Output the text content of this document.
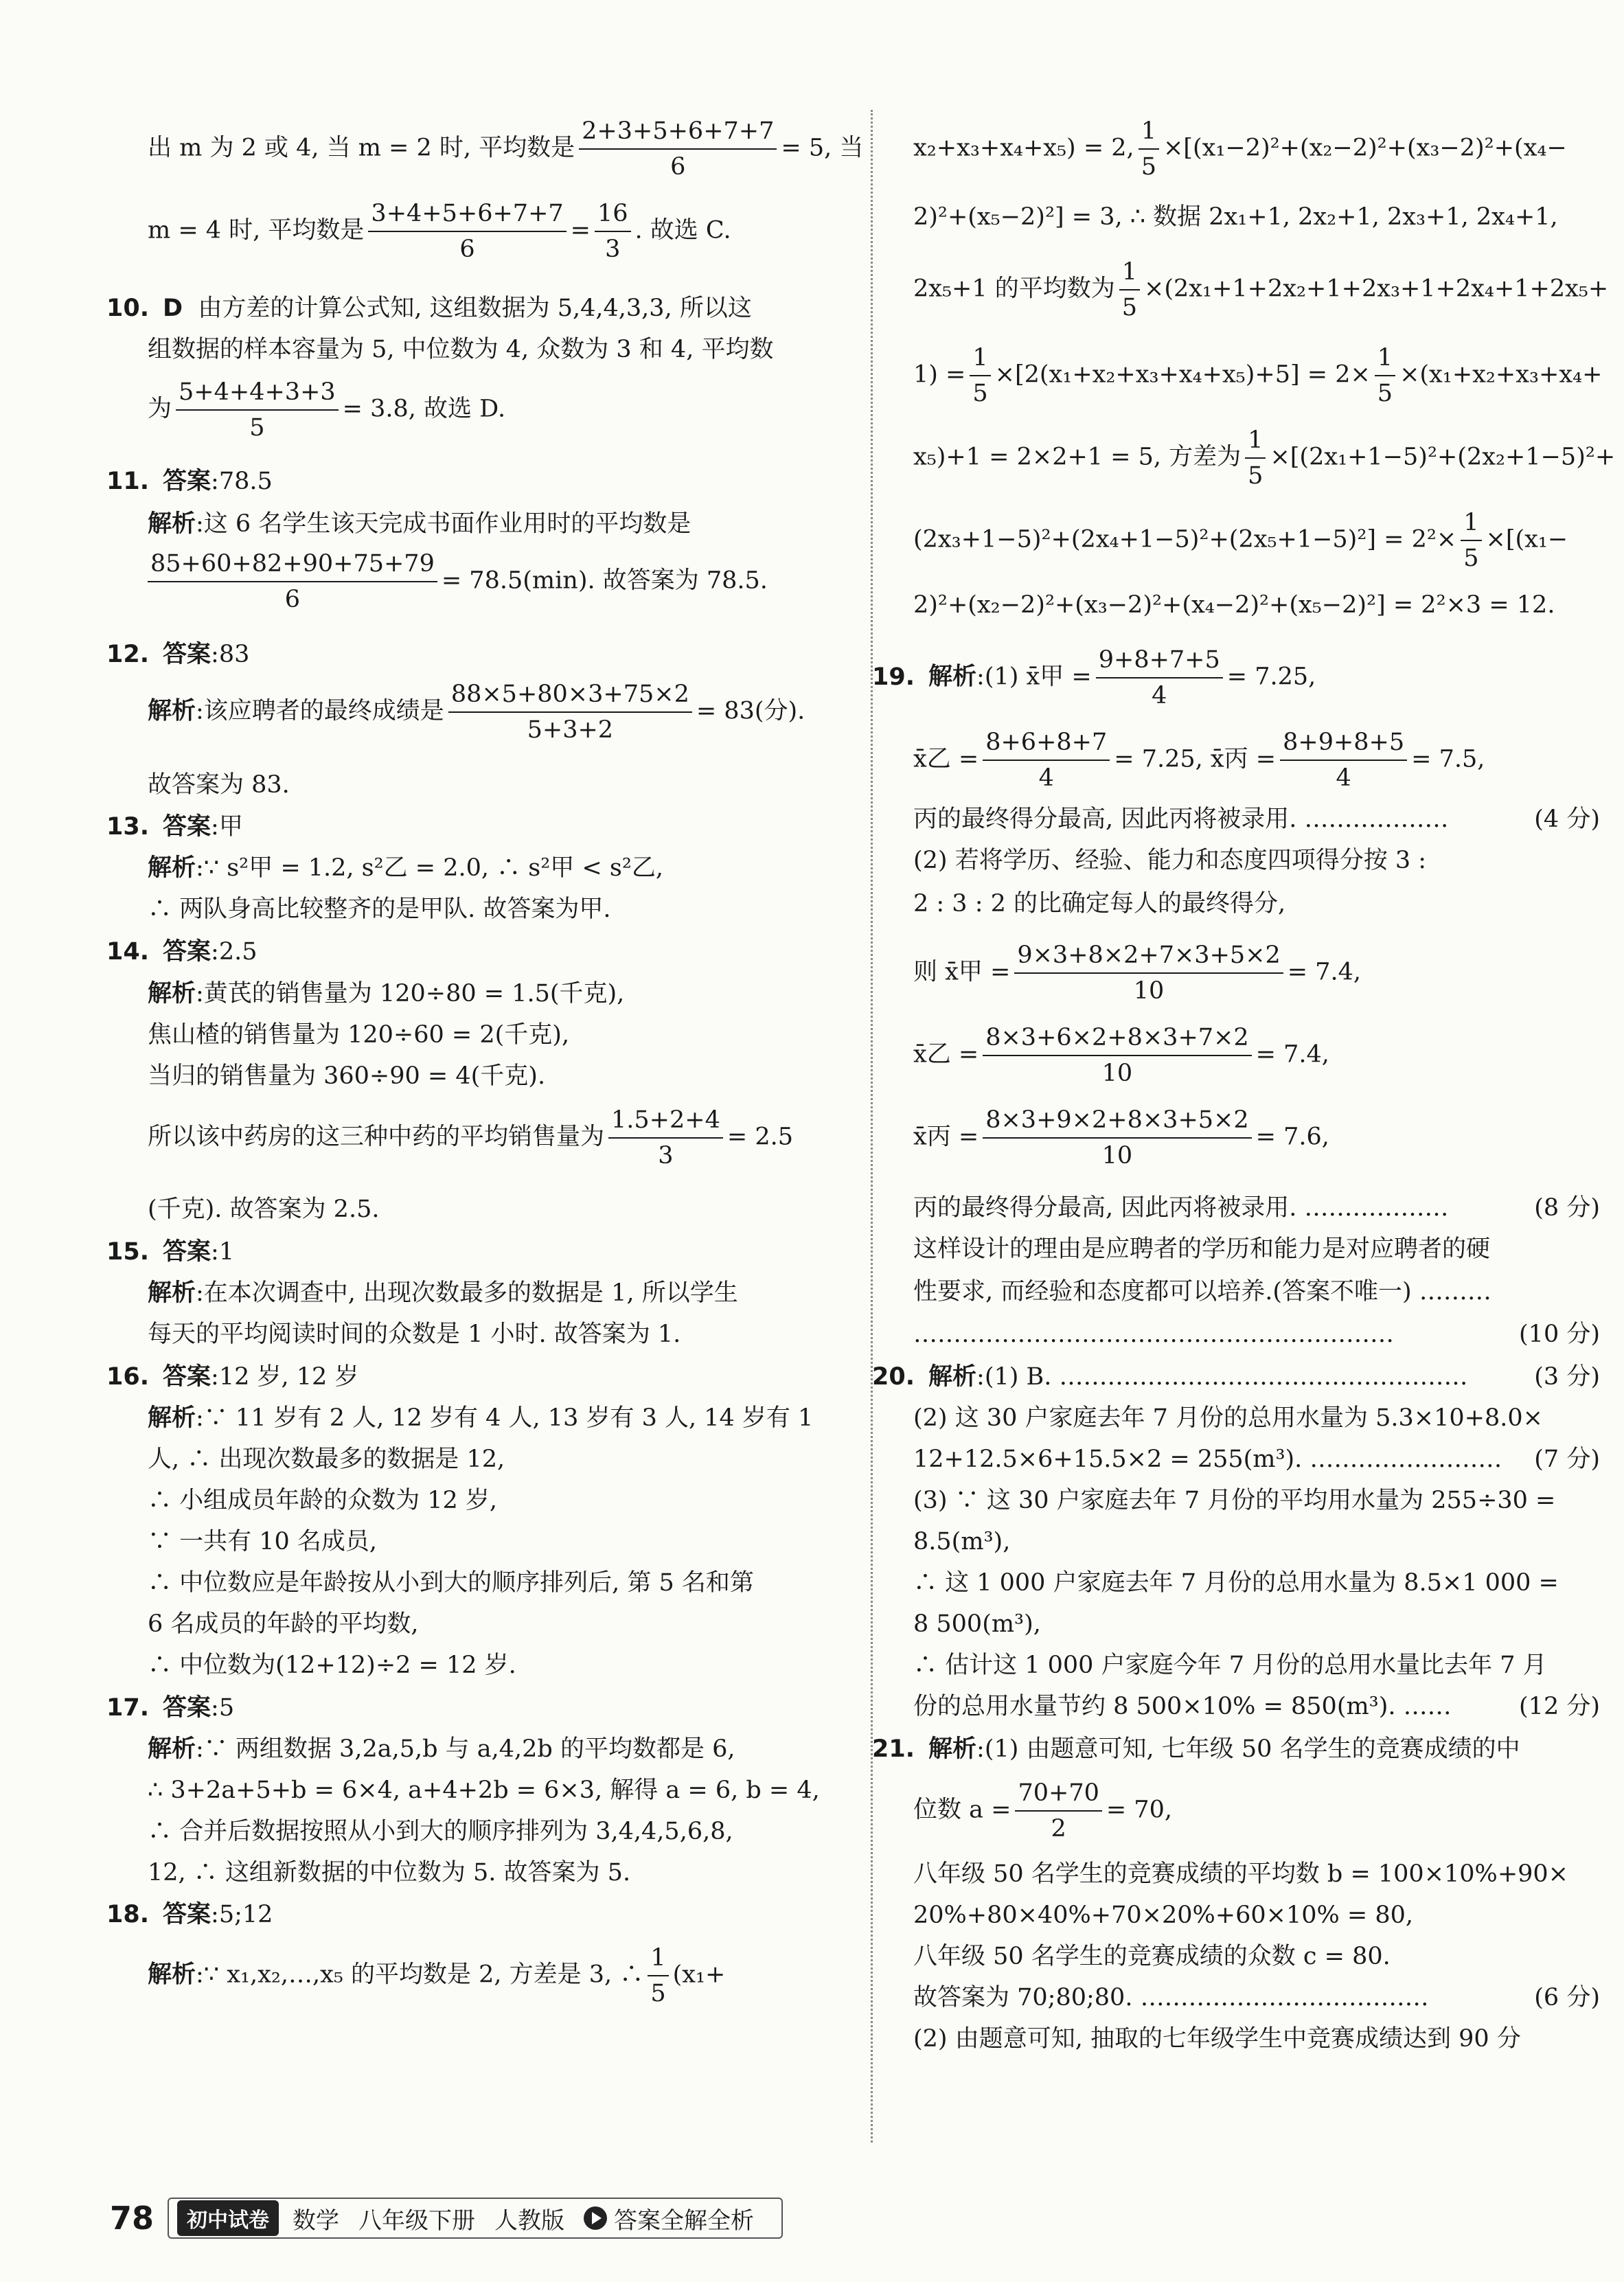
出 m 为 2 或 4, 当 m = 2 时, 平均数是 $\frac{2+3+5+6+7+7}{6} = 5$, 当
m = 4 时, 平均数是 $\frac{3+4+5+6+7+7}{6} = \frac{16}{3}$ . 故选 C.
10. D 由方差的计算公式知, 这组数据为 5,4,4,3,3, 所以这
组数据的样本容量为 5, 中位数为 4, 众数为 3 和 4, 平均数
为 $\frac{5+4+4+3+3}{5} = 3.8$, 故选 D.
11. 答案:78.5
解析:这 6 名学生该天完成书面作业用时的平均数是
$\frac{85+60+82+90+75+79}{6} = 78.5(\min)$. 故答案为 78.5.
12. 答案:83
解析:该应聘者的最终成绩是 $\frac{88\times 5+80\times 3+75\times 2}{5+3+2} = 83$(分).
故答案为 83.
13. 答案:甲
解析:∵ s²甲 = 1.2, s²乙 = 2.0, ∴ s²甲 < s²乙,
∴ 两队身高比较整齐的是甲队. 故答案为甲.
14. 答案:2.5
解析:黄芪的销售量为 120÷80 = 1.5(千克),
焦山楂的销售量为 120÷60 = 2(千克),
当归的销售量为 360÷90 = 4(千克).
所以该中药房的这三种中药的平均销售量为 $\frac{1.5+2+4}{3} = 2.5$
(千克). 故答案为 2.5.
15. 答案:1
解析:在本次调查中, 出现次数最多的数据是 1, 所以学生
每天的平均阅读时间的众数是 1 小时. 故答案为 1.
16. 答案:12 岁, 12 岁
解析:∵ 11 岁有 2 人, 12 岁有 4 人, 13 岁有 3 人, 14 岁有 1
人, ∴ 出现次数最多的数据是 12,
∴ 小组成员年龄的众数为 12 岁,
∵ 一共有 10 名成员,
∴ 中位数应是年龄按从小到大的顺序排列后, 第 5 名和第
6 名成员的年龄的平均数,
∴ 中位数为(12+12)÷2 = 12 岁.
17. 答案:5
解析:∵ 两组数据 3,2a,5,b 与 a,4,2b 的平均数都是 6,
∴ 3+2a+5+b = 6×4, a+4+2b = 6×3, 解得 a = 6, b = 4,
∴ 合并后数据按照从小到大的顺序排列为 3,4,4,5,6,8,
12, ∴ 这组新数据的中位数为 5. 故答案为 5.
18. 答案:5;12
解析:∵ x₁,x₂,…,x₅ 的平均数是 2, 方差是 3, ∴ $\frac{1}{5} (x_1+$
x₂+x₃+x₄+x₅) = 2, $\frac{1}{5} \times[(x_1-2)^2+(x_2-2)^2+(x_3-2)^2+(x_4-$
2)²+(x₅−2)²] = 3, ∴ 数据 2x₁+1, 2x₂+1, 2x₃+1, 2x₄+1,
2x₅+1 的平均数为 $\frac{1}{5} \times(2x_1+1+2x_2+1+2x_3+1+2x_4+1+2x_5+$
$1) = \frac{1}{5} \times[2(x_1+x_2+x_3+x_4+x_5)+5] = 2\times \frac{1}{5} \times(x_1+x_2+x_3+x_4+$
x₅)+1 = 2×2+1 = 5, 方差为 $\frac{1}{5} \times[(2x_1+1-5)^2+(2x_2+1-5)^2+$
$(2x_3+1-5)^2+(2x_4+1-5)^2+(2x_5+1-5)^2] = 2^2\times \frac{1}{5} \times[(x_1-$
2)²+(x₂−2)²+(x₃−2)²+(x₄−2)²+(x₅−2)²] = 2²×3 = 12.
19. 解析:(1) x̄甲 = $\frac{9+8+7+5}{4} = 7.25$,
x̄乙 = $\frac{8+6+8+7}{4} = 7.25$, x̄丙 = $\frac{8+9+8+5}{4} = 7.5$,
丙的最终得分最高, 因此丙将被录用. ………………	(4 分)
(2) 若将学历、经验、能力和态度四项得分按 3 :
2 : 3 : 2 的比确定每人的最终得分,
则 x̄甲 = $\frac{9\times 3+8\times 2+7\times 3+5\times 2}{10} = 7.4$,
x̄乙 = $\frac{8\times 3+6\times 2+8\times 3+7\times 2}{10} = 7.4$,
x̄丙 = $\frac{8\times 3+9\times 2+8\times 3+5\times 2}{10} = 7.6$,
丙的最终得分最高, 因此丙将被录用. ………………	(8 分)
这样设计的理由是应聘者的学历和能力是对应聘者的硬
性要求, 而经验和态度都可以培养.(答案不唯一) ………
……………………………………………………	(10 分)
20. 解析:(1) B. ……………………………………………	(3 分)
(2) 这 30 户家庭去年 7 月份的总用水量为 5.3×10+8.0×
12+12.5×6+15.5×2 = 255(m³). …………………… (7 分)
(3) ∵ 这 30 户家庭去年 7 月份的平均用水量为 255÷30 =
8.5(m³),
∴ 这 1 000 户家庭去年 7 月份的总用水量为 8.5×1 000 =
8 500(m³),
∴ 估计这 1 000 户家庭今年 7 月份的总用水量比去年 7 月
份的总用水量节约 8 500×10% = 850(m³). ……	(12 分)
21. 解析:(1) 由题意可知, 七年级 50 名学生的竞赛成绩的中
位数 $a = \frac{70+70}{2} = 70$,
八年级 50 名学生的竞赛成绩的平均数 b = 100×10%+90×
20%+80×40%+70×20%+60×10% = 80,
八年级 50 名学生的竞赛成绩的众数 c = 80.
故答案为 70;80;80. ………………………………	(6 分)
(2) 由题意可知, 抽取的七年级学生中竞赛成绩达到 90 分
78	初中试卷	数学 八年级下册 人教版 答案全解全析
